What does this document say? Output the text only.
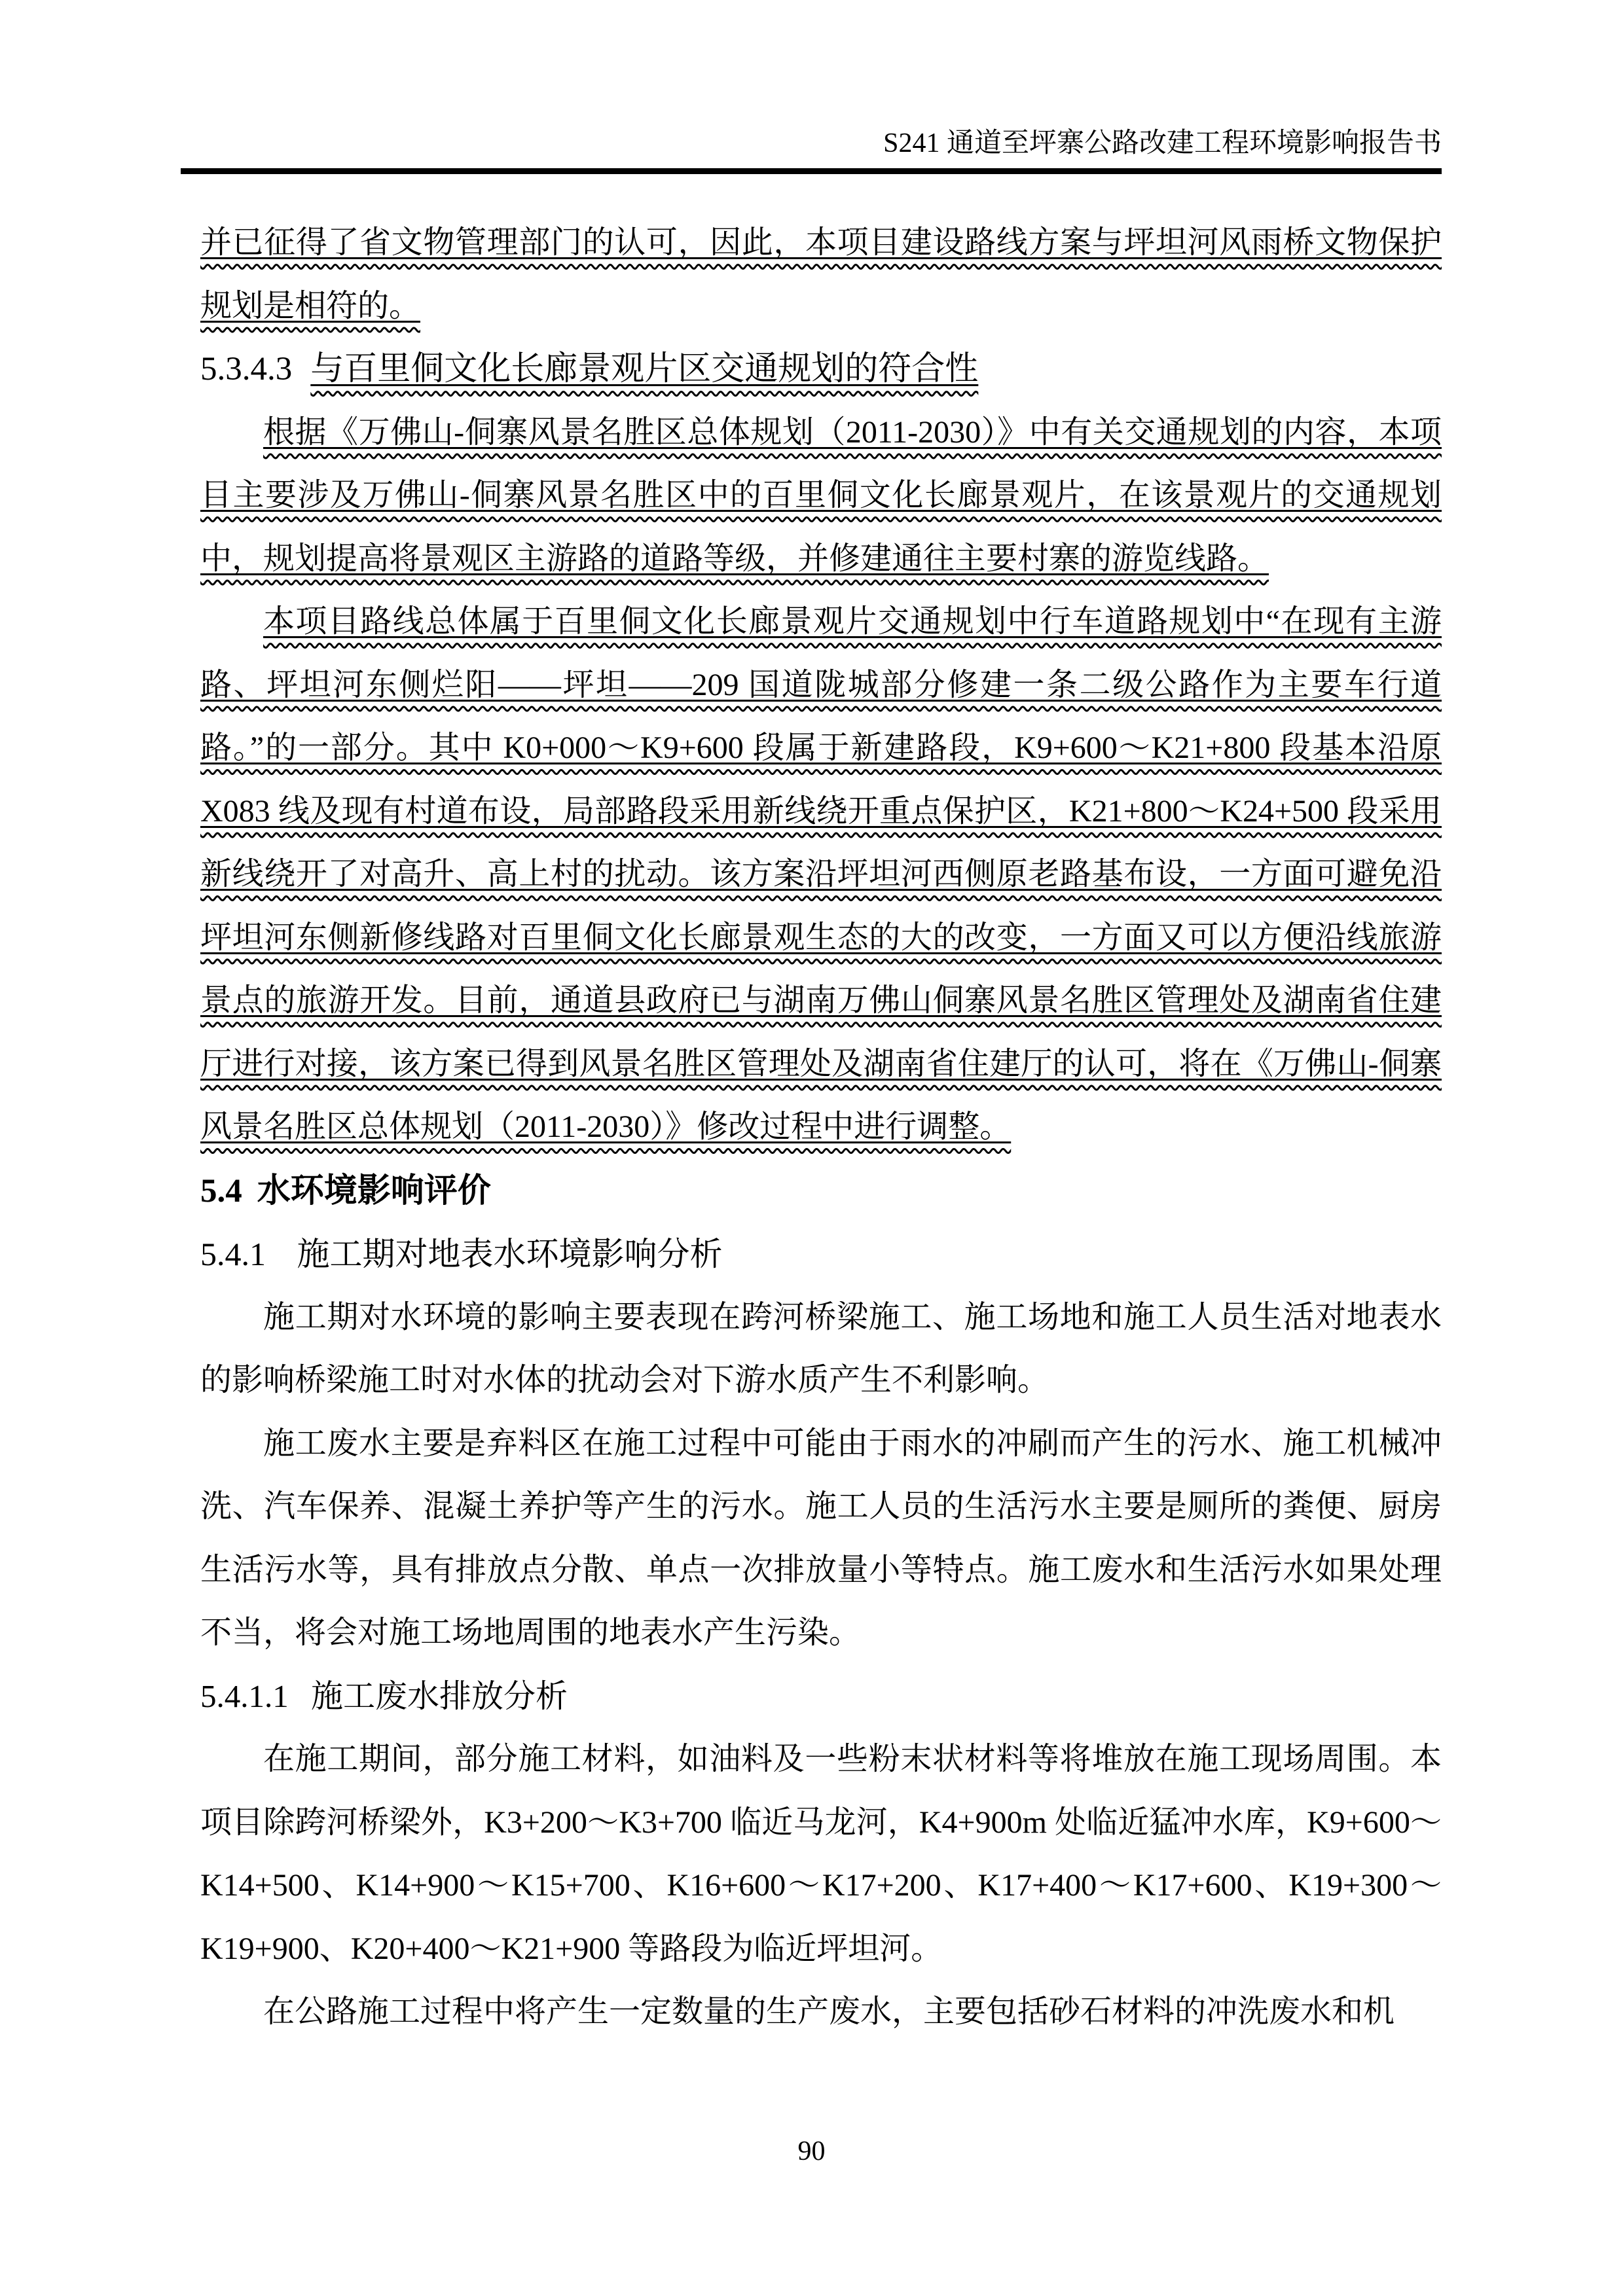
S241 通道至坪寨公路改建工程环境影响报告书

并已征得了省文物管理部门的认可，因此，本项目建设路线方案与坪坦河风雨桥文物保护规划是相符的。

5.3.4.3 与百里侗文化长廊景观片区交通规划的符合性

根据《万佛山-侗寨风景名胜区总体规划（2011-2030）》中有关交通规划的内容，本项目主要涉及万佛山-侗寨风景名胜区中的百里侗文化长廊景观片，在该景观片的交通规划中，规划提高将景观区主游路的道路等级，并修建通往主要村寨的游览线路。

本项目路线总体属于百里侗文化长廊景观片交通规划中行车道路规划中“在现有主游路、坪坦河东侧烂阳——坪坦——209 国道陇城部分修建一条二级公路作为主要车行道路。”的一部分。其中 K0+000～K9+600 段属于新建路段，K9+600～K21+800 段基本沿原 X083 线及现有村道布设，局部路段采用新线绕开重点保护区，K21+800～K24+500 段采用新线绕开了对高升、高上村的扰动。该方案沿坪坦河西侧原老路基布设，一方面可避免沿坪坦河东侧新修线路对百里侗文化长廊景观生态的大的改变，一方面又可以方便沿线旅游景点的旅游开发。目前，通道县政府已与湖南万佛山侗寨风景名胜区管理处及湖南省住建厅进行对接，该方案已得到风景名胜区管理处及湖南省住建厅的认可，将在《万佛山-侗寨风景名胜区总体规划（2011-2030）》修改过程中进行调整。

5.4 水环境影响评价
5.4.1 施工期对地表水环境影响分析

施工期对水环境的影响主要表现在跨河桥梁施工、施工场地和施工人员生活对地表水的影响桥梁施工时对水体的扰动会对下游水质产生不利影响。

施工废水主要是弃料区在施工过程中可能由于雨水的冲刷而产生的污水、施工机械冲洗、汽车保养、混凝土养护等产生的污水。施工人员的生活污水主要是厕所的粪便、厨房生活污水等，具有排放点分散、单点一次排放量小等特点。施工废水和生活污水如果处理不当，将会对施工场地周围的地表水产生污染。

5.4.1.1 施工废水排放分析

在施工期间，部分施工材料，如油料及一些粉末状材料等将堆放在施工现场周围。本项目除跨河桥梁外，K3+200～K3+700 临近马龙河，K4+900m 处临近猛冲水库，K9+600～K14+500、K14+900～K15+700、K16+600～K17+200、K17+400～K17+600、K19+300～K19+900、K20+400～K21+900 等路段为临近坪坦河。

在公路施工过程中将产生一定数量的生产废水，主要包括砂石材料的冲洗废水和机

90
